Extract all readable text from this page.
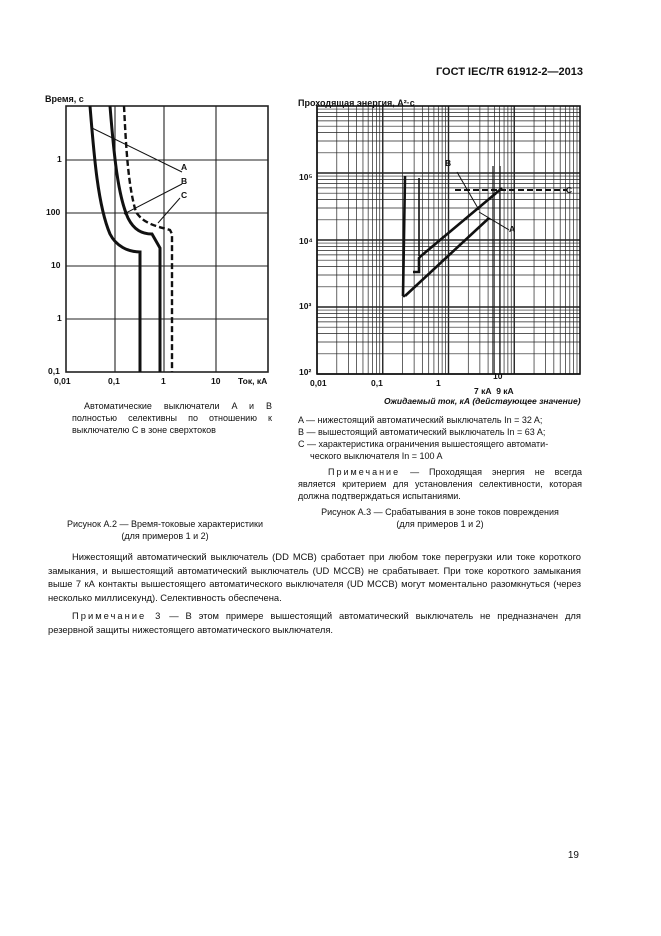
ГОСТ IEC/TR 61912-2—2013
Время, с
A
B
C
1
100
10
1
0,1
0,01	0,1	1	10 Ток, кА
Автоматические выключатели A и B полностью селективны по отношению к выключателю C в зоне сверхтоков
Рисунок A.2 — Время-токовые характеристики
(для примеров 1 и 2)
Проходящая энергия, A²·с
B
C
A
10⁵
10⁴
10³
10²
0,01	0,1	1
10
7 кА  9 кА
Ожидаемый ток, кА (действующее значение)
A — нижестоящий автоматический выключатель In = 32 A;
B — вышестоящий автоматический выключатель In = 63 A;
C — характеристика ограничения вышестоящего автомати-
ческого выключателя In = 100 A
Примечание — Проходящая энергия не всегда является критерием для установления селективности, которая должна подтверждаться испытаниями.
Рисунок A.3 — Срабатывания в зоне токов повреждения
(для примеров 1 и 2)
Нижестоящий автоматический выключатель (DD MCB) сработает при любом токе перегрузки или токе короткого замыкания, и вышестоящий автоматический выключатель (UD MCCB) не срабатывает. При токе короткого замыкания выше 7 кА контакты вышестоящего автоматического выключателя (UD MCCB) могут моментально разомкнуться (через несколько миллисекунд). Селективность обеспечена.
Примечание 3 — В этом примере вышестоящий автоматический выключатель не предназначен для резервной защиты нижестоящего автоматического выключателя.
19
